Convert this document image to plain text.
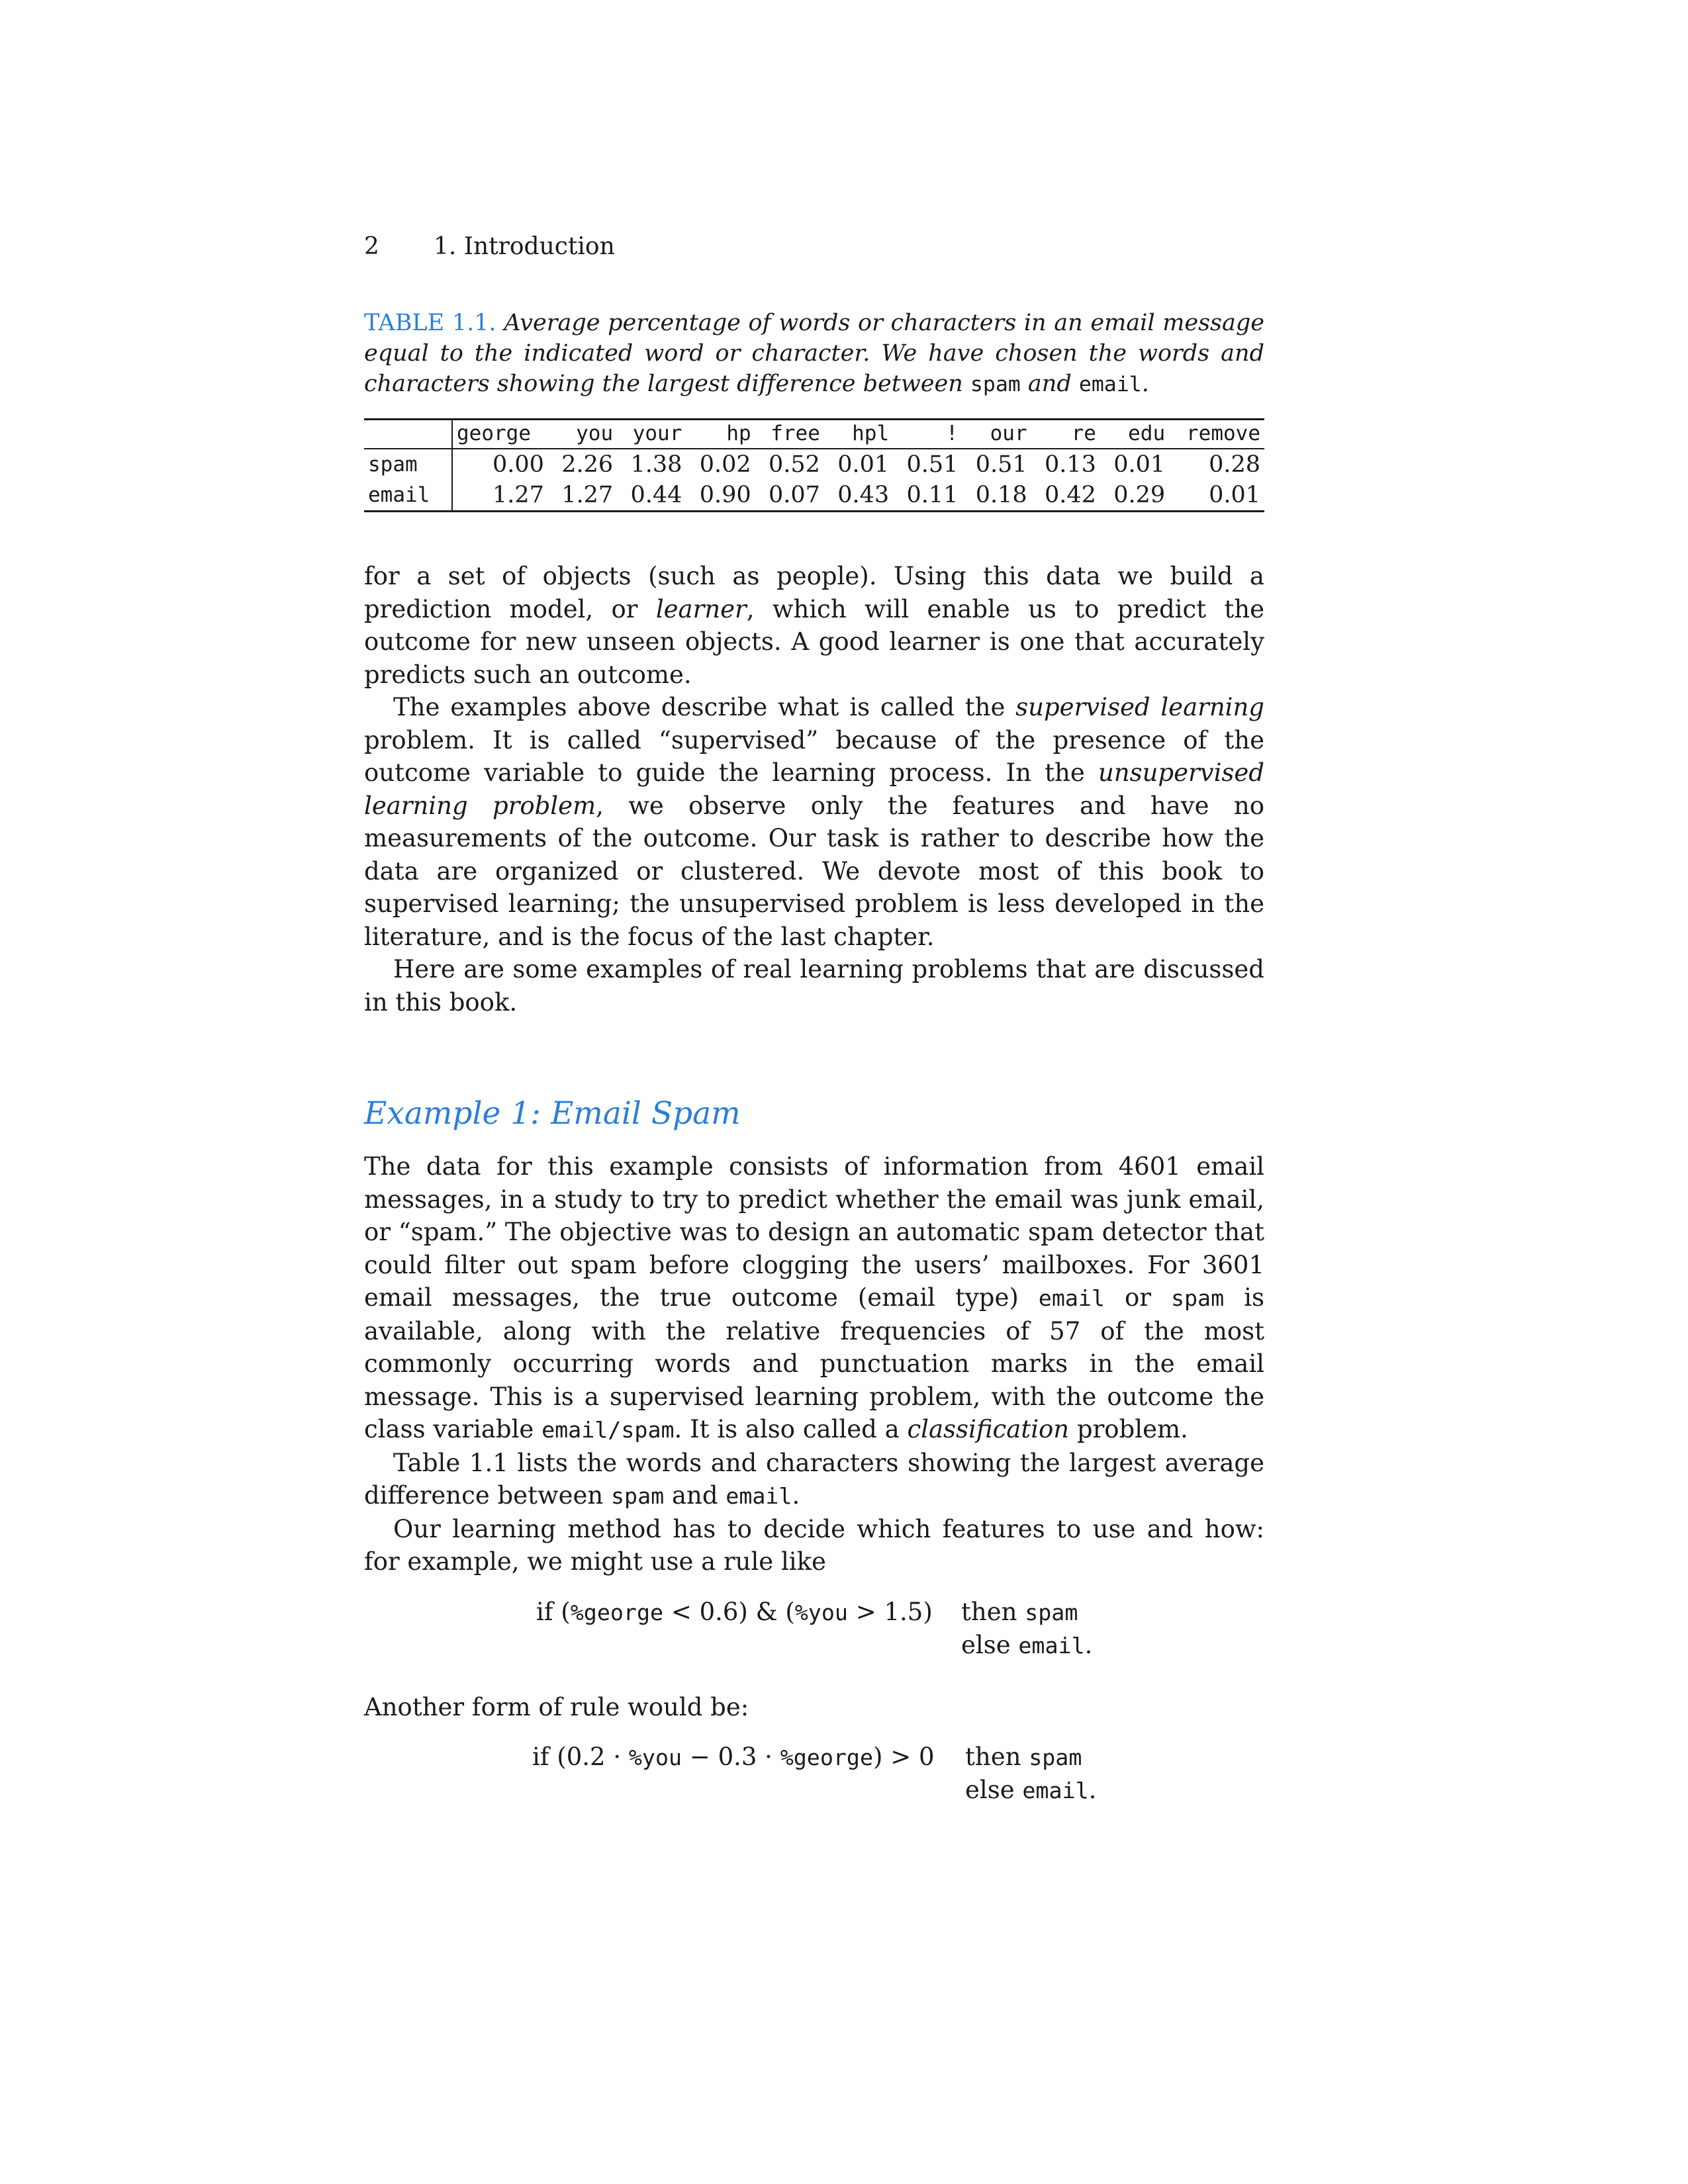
2 1. Introduction
TABLE 1.1. Average percentage of words or characters in an email message equal to the indicated word or character. We have chosen the words and characters showing the largest difference between spam and email.
	george	you	your	hp	free	hpl	!	our	re	edu	remove
spam	0.00	2.26	1.38	0.02	0.52	0.01	0.51	0.51	0.13	0.01	0.28
email	1.27	1.27	0.44	0.90	0.07	0.43	0.11	0.18	0.42	0.29	0.01

for a set of objects (such as people). Using this data we build a prediction model, or learner, which will enable us to predict the outcome for new unseen objects. A good learner is one that accurately predicts such an outcome.

The examples above describe what is called the supervised learning problem. It is called “supervised” because of the presence of the outcome variable to guide the learning process. In the unsupervised learning problem, we observe only the features and have no measurements of the outcome. Our task is rather to describe how the data are organized or clustered. We devote most of this book to supervised learning; the unsupervised problem is less developed in the literature, and is the focus of the last chapter.

Here are some examples of real learning problems that are discussed in this book.

Example 1: Email Spam

The data for this example consists of information from 4601 email messages, in a study to try to predict whether the email was junk email, or “spam.” The objective was to design an automatic spam detector that could filter out spam before clogging the users’ mailboxes. For 3601 email messages, the true outcome (email type) email or spam is available, along with the relative frequencies of 57 of the most commonly occurring words and punctuation marks in the email message. This is a supervised learning problem, with the outcome the class variable email/spam. It is also called a classification problem.

Table 1.1 lists the words and characters showing the largest average difference between spam and email.

Our learning method has to decide which features to use and how: for example, we might use a rule like

if (%george < 0.6) & (%you > 1.5) then spam
else email.
Another form of rule would be:
if (0.2 · %you − 0.3 · %george) > 0 then spam
else email.
